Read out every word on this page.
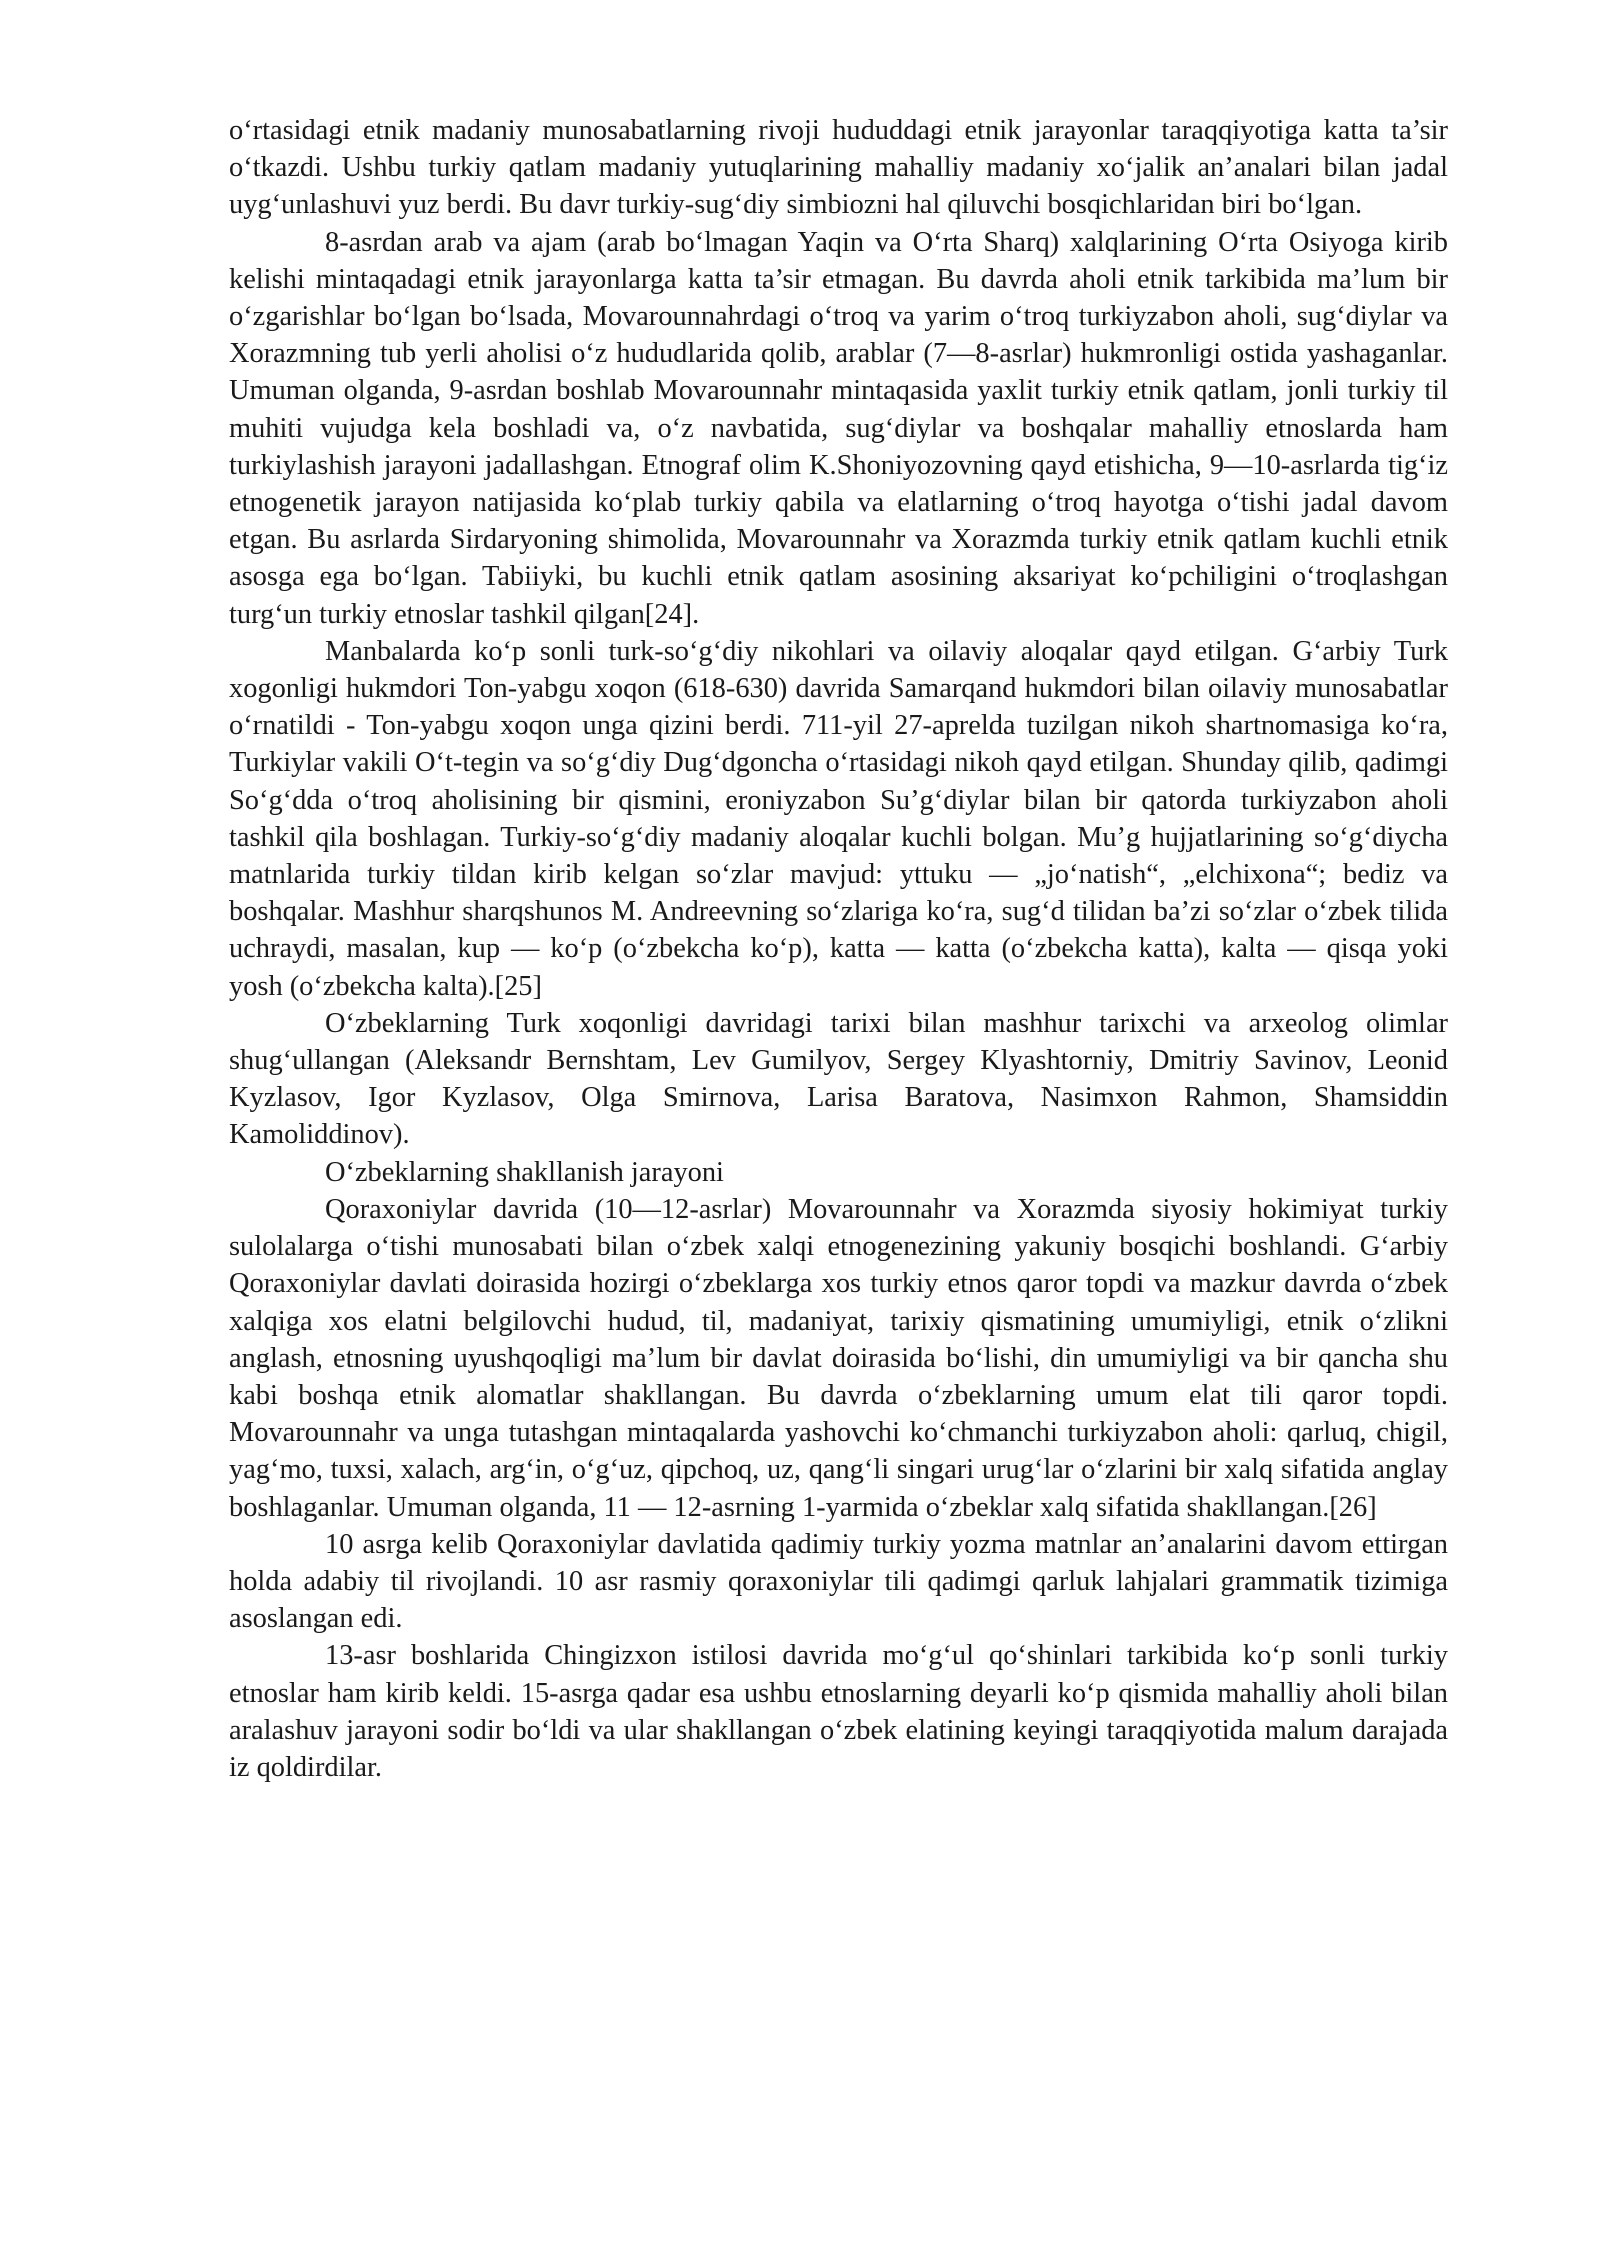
o‘rtasidagi etnik madaniy munosabatlarning rivoji hududdagi etnik jarayonlar taraqqiyotiga katta ta’sir o‘tkazdi. Ushbu turkiy qatlam madaniy yutuqlarining mahalliy madaniy xo‘jalik an’analari bilan jadal uyg‘unlashuvi yuz berdi. Bu davr turkiy-sug‘diy simbiozni hal qiluvchi bosqichlaridan biri bo‘lgan.

8-asrdan arab va ajam (arab bo‘lmagan Yaqin va O‘rta Sharq) xalqlarining O‘rta Osiyoga kirib kelishi mintaqadagi etnik jarayonlarga katta ta’sir etmagan. Bu davrda aholi etnik tarkibida ma’lum bir o‘zgarishlar bo‘lgan bo‘lsada, Movarounnahrdagi o‘troq va yarim o‘troq turkiyzabon aholi, sug‘diylar va Xorazmning tub yerli aholisi o‘z hududlarida qolib, arablar (7—8-asrlar) hukmronligi ostida yashaganlar. Umuman olganda, 9-asrdan boshlab Movarounnahr mintaqasida yaxlit turkiy etnik qatlam, jonli turkiy til muhiti vujudga kela boshladi va, o‘z navbatida, sug‘diylar va boshqalar mahalliy etnoslarda ham turkiylashish jarayoni jadallashgan. Etnograf olim K.Shoniyozovning qayd etishicha, 9—10-asrlarda tig‘iz etnogenetik jarayon natijasida ko‘plab turkiy qabila va elatlarning o‘troq hayotga o‘tishi jadal davom etgan. Bu asrlarda Sirdaryoning shimolida, Movarounnahr va Xorazmda turkiy etnik qatlam kuchli etnik asosga ega bo‘lgan. Tabiiyki, bu kuchli etnik qatlam asosining aksariyat ko‘pchiligini o‘troqlashgan turg‘un turkiy etnoslar tashkil qilgan[24].

Manbalarda ko‘p sonli turk-so‘g‘diy nikohlari va oilaviy aloqalar qayd etilgan. G‘arbiy Turk xogonligi hukmdori Ton-yabgu xoqon (618-630) davrida Samarqand hukmdori bilan oilaviy munosabatlar o‘rnatildi - Ton-yabgu xoqon unga qizini berdi. 711-yil 27-aprelda tuzilgan nikoh shartnomasiga ko‘ra, Turkiylar vakili O‘t-tegin va so‘g‘diy Dug‘dgoncha o‘rtasidagi nikoh qayd etilgan. Shunday qilib, qadimgi So‘g‘dda o‘troq aholisining bir qismini, eroniyzabon Su’g‘diylar bilan bir qatorda turkiyzabon aholi tashkil qila boshlagan. Turkiy-so‘g‘diy madaniy aloqalar kuchli bolgan. Mu’g hujjatlarining so‘g‘diycha matnlarida turkiy tildan kirib kelgan so‘zlar mavjud: yttuku — „jo‘natish“, „elchixona“; bediz va boshqalar. Mashhur sharqshunos M. Andreevning so‘zlariga ko‘ra, sug‘d tilidan ba’zi so‘zlar o‘zbek tilida uchraydi, masalan, kup — ko‘p (o‘zbekcha ko‘p), katta — katta (o‘zbekcha katta), kalta — qisqa yoki yosh (o‘zbekcha kalta).[25]

O‘zbeklarning Turk xoqonligi davridagi tarixi bilan mashhur tarixchi va arxeolog olimlar shug‘ullangan (Aleksandr Bernshtam, Lev Gumilyov, Sergey Klyashtorniy, Dmitriy Savinov, Leonid Kyzlasov, Igor Kyzlasov, Olga Smirnova, Larisa Baratova, Nasimxon Rahmon, Shamsiddin Kamoliddinov).

O‘zbeklarning shakllanish jarayoni

Qoraxoniylar davrida (10—12-asrlar) Movarounnahr va Xorazmda siyosiy hokimiyat turkiy sulolalarga o‘tishi munosabati bilan o‘zbek xalqi etnogenezining yakuniy bosqichi boshlandi. G‘arbiy Qoraxoniylar davlati doirasida hozirgi o‘zbeklarga xos turkiy etnos qaror topdi va mazkur davrda o‘zbek xalqiga xos elatni belgilovchi hudud, til, madaniyat, tarixiy qismatining umumiyligi, etnik o‘zlikni anglash, etnosning uyushqoqligi ma’lum bir davlat doirasida bo‘lishi, din umumiyligi va bir qancha shu kabi boshqa etnik alomatlar shakllangan. Bu davrda o‘zbeklarning umum elat tili qaror topdi. Movarounnahr va unga tutashgan mintaqalarda yashovchi ko‘chmanchi turkiyzabon aholi: qarluq, chigil, yag‘mo, tuxsi, xalach, arg‘in, o‘g‘uz, qipchoq, uz, qang‘li singari urug‘lar o‘zlarini bir xalq sifatida anglay boshlaganlar. Umuman olganda, 11 — 12-asrning 1-yarmida o‘zbeklar xalq sifatida shakllangan.[26]

10 asrga kelib Qoraxoniylar davlatida qadimiy turkiy yozma matnlar an’analarini davom ettirgan holda adabiy til rivojlandi. 10 asr rasmiy qoraxoniylar tili qadimgi qarluk lahjalari grammatik tizimiga asoslangan edi.

13-asr boshlarida Chingizxon istilosi davrida mo‘g‘ul qo‘shinlari tarkibida ko‘p sonli turkiy etnoslar ham kirib keldi. 15-asrga qadar esa ushbu etnoslarning deyarli ko‘p qismida mahalliy aholi bilan aralashuv jarayoni sodir bo‘ldi va ular shakllangan o‘zbek elatining keyingi taraqqiyotida malum darajada iz qoldirdilar.
